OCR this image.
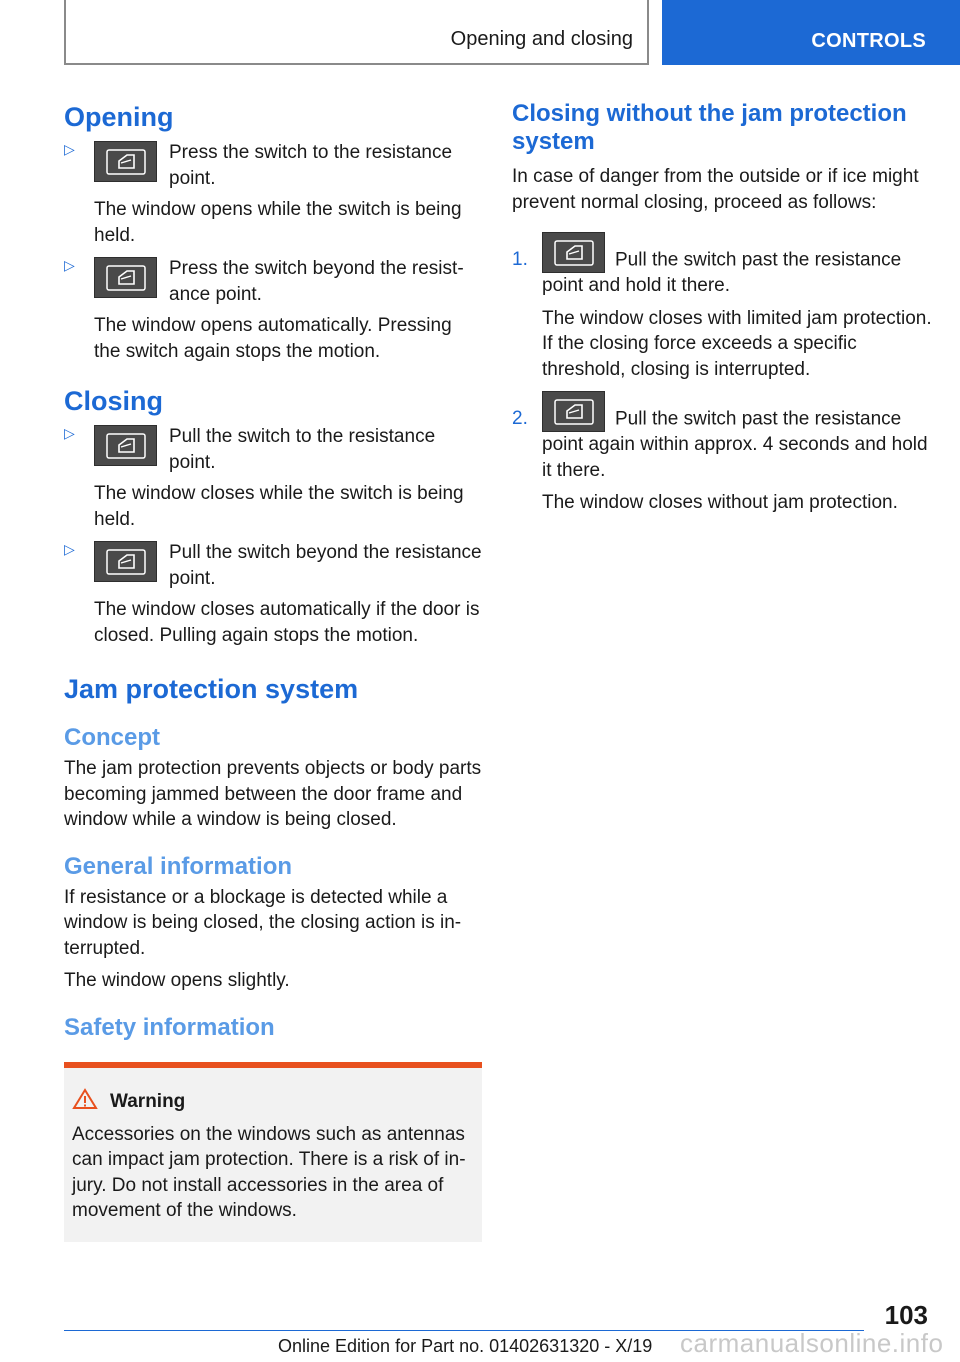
Opening and closing	CONTROLS
Opening
▷	Press the switch to the resistance point.

The window opens while the switch is being held.

▷	Press the switch beyond the resistance point.

The window opens automatically. Pressing the switch again stops the motion.

Closing
▷	Pull the switch to the resistance point.

The window closes while the switch is being held.

▷	Pull the switch beyond the resistance point.

The window closes automatically if the door is closed. Pulling again stops the motion.

Jam protection system
Concept

The jam protection prevents objects or body parts becoming jammed between the door frame and window while a window is being closed.

General information

If resistance or a blockage is detected while a window is being closed, the closing action is interrupted.

The window opens slightly.

Safety information
Warning

Accessories on the windows such as antennas can impact jam protection. There is a risk of injury. Do not install accessories in the area of movement of the windows.

Closing without the jam protection system

In case of danger from the outside or if ice might prevent normal closing, proceed as follows:

1.	Pull the switch past the resistance point and hold it there.

The window closes with limited jam protection. If the closing force exceeds a specific threshold, closing is interrupted.

2.	Pull the switch past the resistance point again within approx. 4 seconds and hold it there.

The window closes without jam protection.

103
Online Edition for Part no. 01402631320 - X/19 carmanualsonline.info
